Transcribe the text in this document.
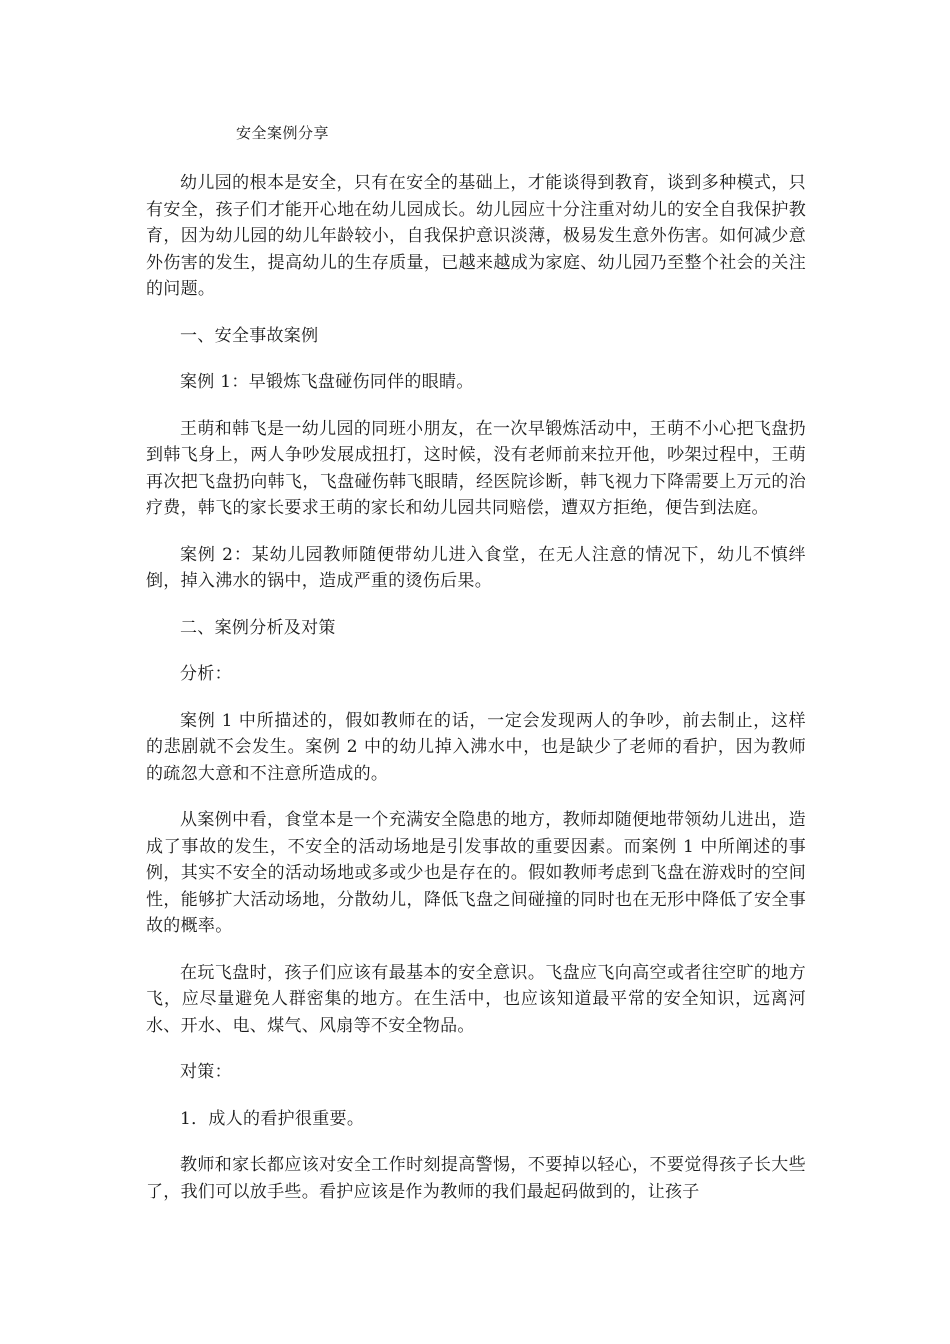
安全案例分享

幼儿园的根本是安全，只有在安全的基础上，才能谈得到教育，谈到多种模式，只有安全，孩子们才能开心地在幼儿园成长。幼儿园应十分注重对幼儿的安全自我保护教育，因为幼儿园的幼儿年龄较小，自我保护意识淡薄，极易发生意外伤害。如何减少意外伤害的发生，提高幼儿的生存质量，已越来越成为家庭、幼儿园乃至整个社会的关注的问题。

一、安全事故案例

案例 1：早锻炼飞盘碰伤同伴的眼睛。

王萌和韩飞是一幼儿园的同班小朋友，在一次早锻炼活动中，王萌不小心把飞盘扔到韩飞身上，两人争吵发展成扭打，这时候，没有老师前来拉开他，吵架过程中，王萌再次把飞盘扔向韩飞，飞盘碰伤韩飞眼睛，经医院诊断，韩飞视力下降需要上万元的治疗费，韩飞的家长要求王萌的家长和幼儿园共同赔偿，遭双方拒绝，便告到法庭。

案例 2：某幼儿园教师随便带幼儿进入食堂，在无人注意的情况下，幼儿不慎绊倒，掉入沸水的锅中，造成严重的烫伤后果。

二、案例分析及对策

分析：

案例 1 中所描述的，假如教师在的话，一定会发现两人的争吵，前去制止，这样的悲剧就不会发生。案例 2 中的幼儿掉入沸水中，也是缺少了老师的看护，因为教师的疏忽大意和不注意所造成的。

从案例中看，食堂本是一个充满安全隐患的地方，教师却随便地带领幼儿进出，造成了事故的发生，不安全的活动场地是引发事故的重要因素。而案例 1 中所阐述的事例，其实不安全的活动场地或多或少也是存在的。假如教师考虑到飞盘在游戏时的空间性，能够扩大活动场地，分散幼儿，降低飞盘之间碰撞的同时也在无形中降低了安全事故的概率。

在玩飞盘时，孩子们应该有最基本的安全意识。飞盘应飞向高空或者往空旷的地方飞，应尽量避免人群密集的地方。在生活中，也应该知道最平常的安全知识，远离河水、开水、电、煤气、风扇等不安全物品。

对策：

1．成人的看护很重要。

教师和家长都应该对安全工作时刻提高警惕，不要掉以轻心，不要觉得孩子长大些了，我们可以放手些。看护应该是作为教师的我们最起码做到的，让孩子
